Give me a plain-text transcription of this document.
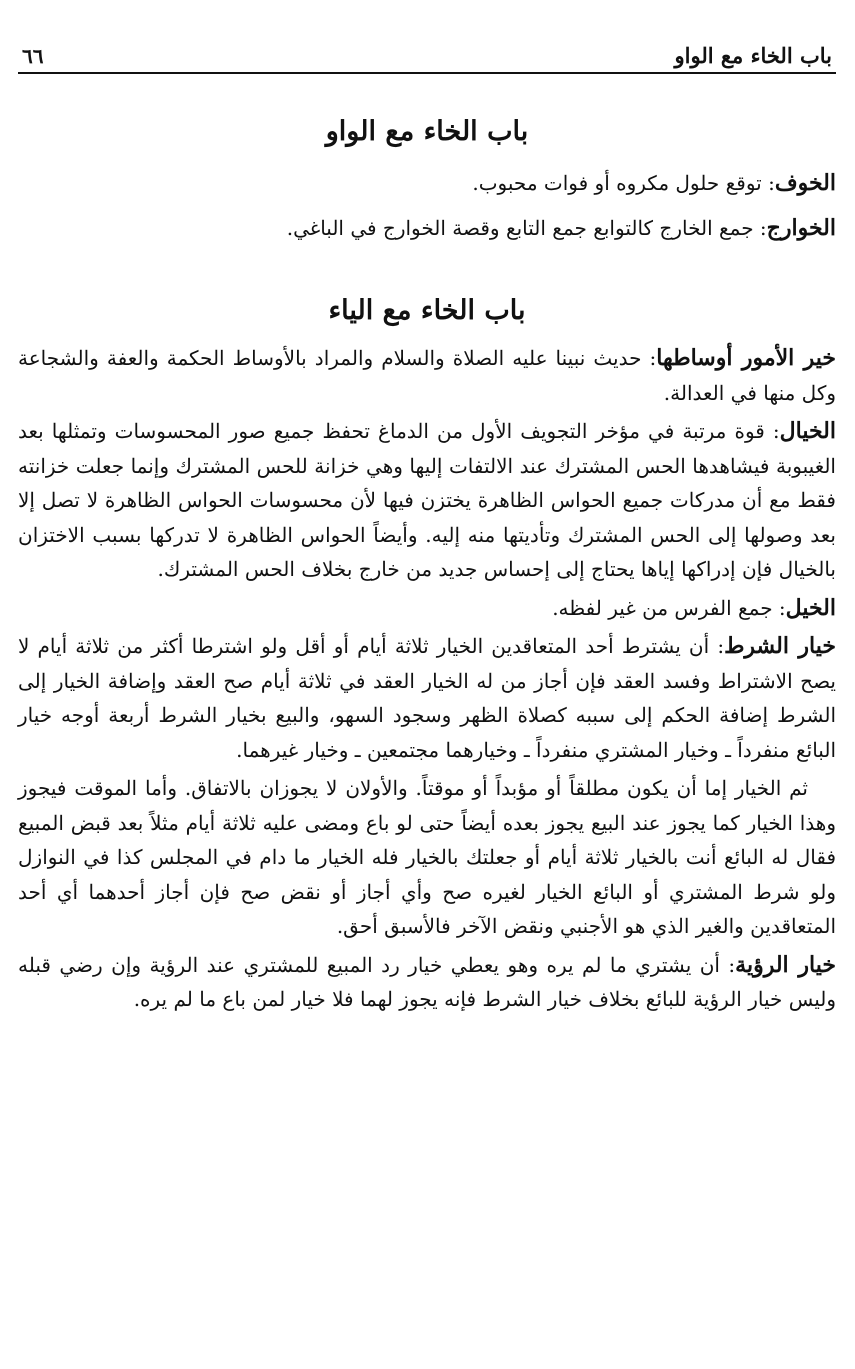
باب الخاء مع الواو
٦٦
باب الخاء مع الواو

الخوف: توقع حلول مكروه أو فوات محبوب.

الخوارج: جمع الخارج كالتوابع جمع التابع وقصة الخوارج في الباغي.

باب الخاء مع الياء

خير الأمور أوساطها: حديث نبينا عليه الصلاة والسلام والمراد بالأوساط الحكمة والعفة والشجاعة وكل منها في العدالة.

الخيال: قوة مرتبة في مؤخر التجويف الأول من الدماغ تحفظ جميع صور المحسوسات وتمثلها بعد الغيبوبة فيشاهدها الحس المشترك عند الالتفات إليها وهي خزانة للحس المشترك وإنما جعلت خزانته فقط مع أن مدركات جميع الحواس الظاهرة يختزن فيها لأن محسوسات الحواس الظاهرة لا تصل إلا بعد وصولها إلى الحس المشترك وتأديتها منه إليه. وأيضاً الحواس الظاهرة لا تدركها بسبب الاختزان بالخيال فإن إدراكها إياها يحتاج إلى إحساس جديد من خارج بخلاف الحس المشترك.

الخيل: جمع الفرس من غير لفظه.

خيار الشرط: أن يشترط أحد المتعاقدين الخيار ثلاثة أيام أو أقل ولو اشترطا أكثر من ثلاثة أيام لا يصح الاشتراط وفسد العقد فإن أجاز من له الخيار العقد في ثلاثة أيام صح العقد وإضافة الخيار إلى الشرط إضافة الحكم إلى سببه كصلاة الظهر وسجود السهو، والبيع بخيار الشرط أربعة أوجه خيار البائع منفرداً ـ وخيار المشتري منفرداً ـ وخيارهما مجتمعين ـ وخيار غيرهما.

ثم الخيار إما أن يكون مطلقاً أو مؤبداً أو موقتاً. والأولان لا يجوزان بالاتفاق. وأما الموقت فيجوز وهذا الخيار كما يجوز عند البيع يجوز بعده أيضاً حتى لو باع ومضى عليه ثلاثة أيام مثلاً بعد قبض المبيع فقال له البائع أنت بالخيار ثلاثة أيام أو جعلتك بالخيار فله الخيار ما دام في المجلس كذا في النوازل ولو شرط المشتري أو البائع الخيار لغيره صح وأي أجاز أو نقض صح فإن أجاز أحدهما أي أحد المتعاقدين والغير الذي هو الأجنبي ونقض الآخر فالأسبق أحق.

خيار الرؤية: أن يشتري ما لم يره وهو يعطي خيار رد المبيع للمشتري عند الرؤية وإن رضي قبله وليس خيار الرؤية للبائع بخلاف خيار الشرط فإنه يجوز لهما فلا خيار لمن باع ما لم يره.
